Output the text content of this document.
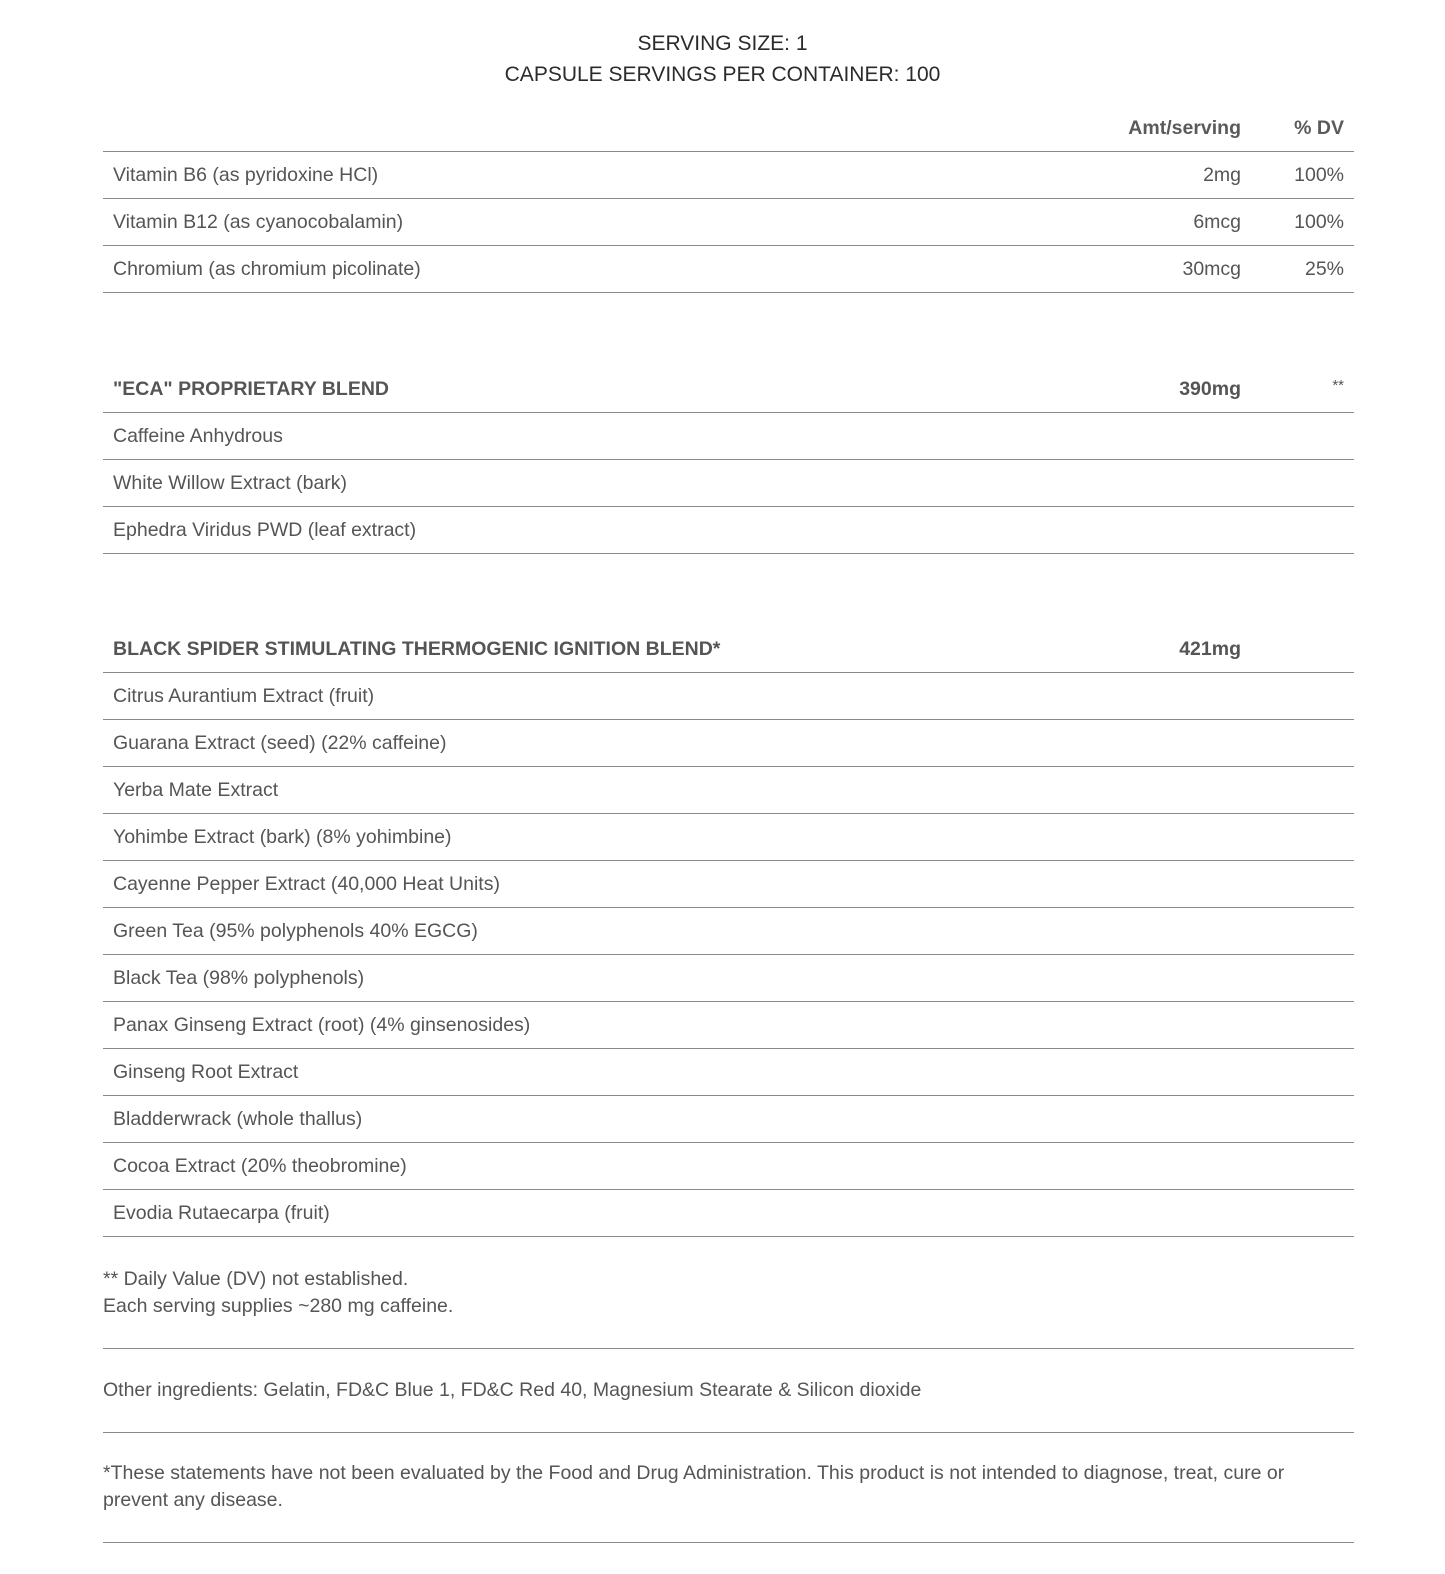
SERVING SIZE: 1
CAPSULE SERVINGS PER CONTAINER: 100
Amt/serving	% DV
Vitamin B6 (as pyridoxine HCl)	2mg	100%
Vitamin B12 (as cyanocobalamin)	6mcg	100%
Chromium (as chromium picolinate)	30mcg	25%
"ECA" PROPRIETARY BLEND	390mg	**
Caffeine Anhydrous
White Willow Extract (bark)
Ephedra Viridus PWD (leaf extract)
BLACK SPIDER STIMULATING THERMOGENIC IGNITION BLEND*	421mg
Citrus Aurantium Extract (fruit)
Guarana Extract (seed) (22% caffeine)
Yerba Mate Extract
Yohimbe Extract (bark) (8% yohimbine)
Cayenne Pepper Extract (40,000 Heat Units)
Green Tea (95% polyphenols 40% EGCG)
Black Tea (98% polyphenols)
Panax Ginseng Extract (root) (4% ginsenosides)
Ginseng Root Extract
Bladderwrack (whole thallus)
Cocoa Extract (20% theobromine)
Evodia Rutaecarpa (fruit)
** Daily Value (DV) not established.
Each serving supplies ~280 mg caffeine.
Other ingredients: Gelatin, FD&C Blue 1, FD&C Red 40, Magnesium Stearate & Silicon dioxide
*These statements have not been evaluated by the Food and Drug Administration. This product is not intended to diagnose, treat, cure or prevent any disease.
